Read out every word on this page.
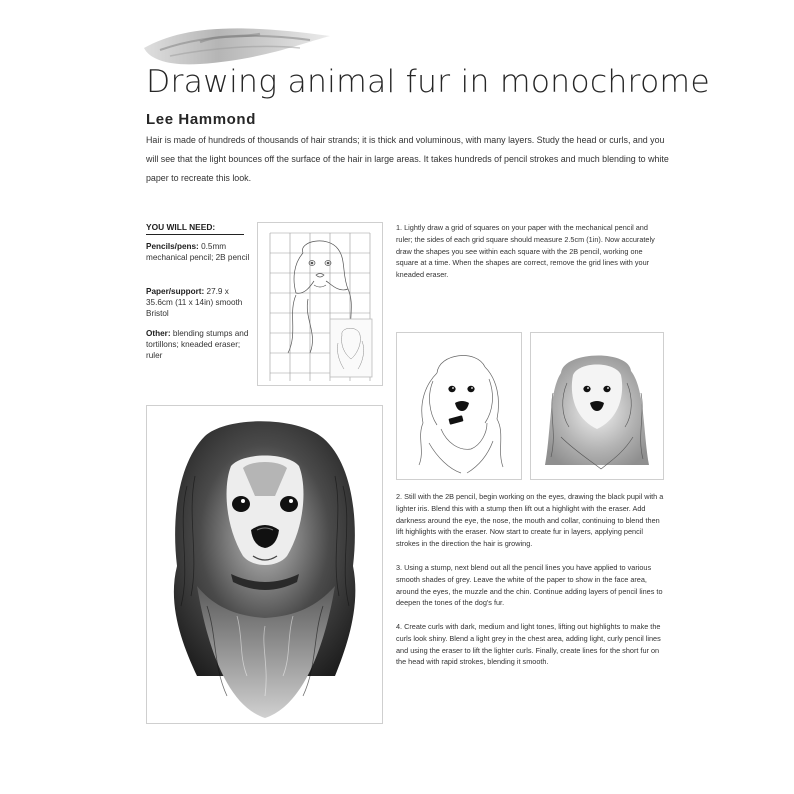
Drawing animal fur in monochrome
Lee Hammond
Hair is made of hundreds of thousands of hair strands; it is thick and voluminous, with many layers. Study the head or curls, and you will see that the light bounces off the surface of the hair in large areas. It takes hundreds of pencil strokes and much blending to white paper to recreate this look.
YOU WILL NEED:
Pencils/pens: 0.5mm mechanical pencil; 2B pencil
Paper/support: 27.9 x 35.6cm (11 x 14in) smooth Bristol
Other: blending stumps and tortillons; kneaded eraser; ruler
1. Lightly draw a grid of squares on your paper with the mechanical pencil and ruler; the sides of each grid square should measure 2.5cm (1in). Now accurately draw the shapes you see within each square with the 2B pencil, working one square at a time. When the shapes are correct, remove the grid lines with your kneaded eraser.
2. Still with the 2B pencil, begin working on the eyes, drawing the black pupil with a lighter iris. Blend this with a stump then lift out a highlight with the eraser. Add darkness around the eye, the nose, the mouth and collar, continuing to blend then lift highlights with the eraser. Now start to create fur in layers, applying pencil strokes in the direction the hair is growing.
3. Using a stump, next blend out all the pencil lines you have applied to various smooth shades of grey. Leave the white of the paper to show in the face area, around the eyes, the muzzle and the chin. Continue adding layers of pencil lines to deepen the tones of the dog's fur.
4. Create curls with dark, medium and light tones, lifting out highlights to make the curls look shiny. Blend a light grey in the chest area, adding light, curly pencil lines and using the eraser to lift the lighter curls. Finally, create lines for the short fur on the head with rapid strokes, blending it smooth.
